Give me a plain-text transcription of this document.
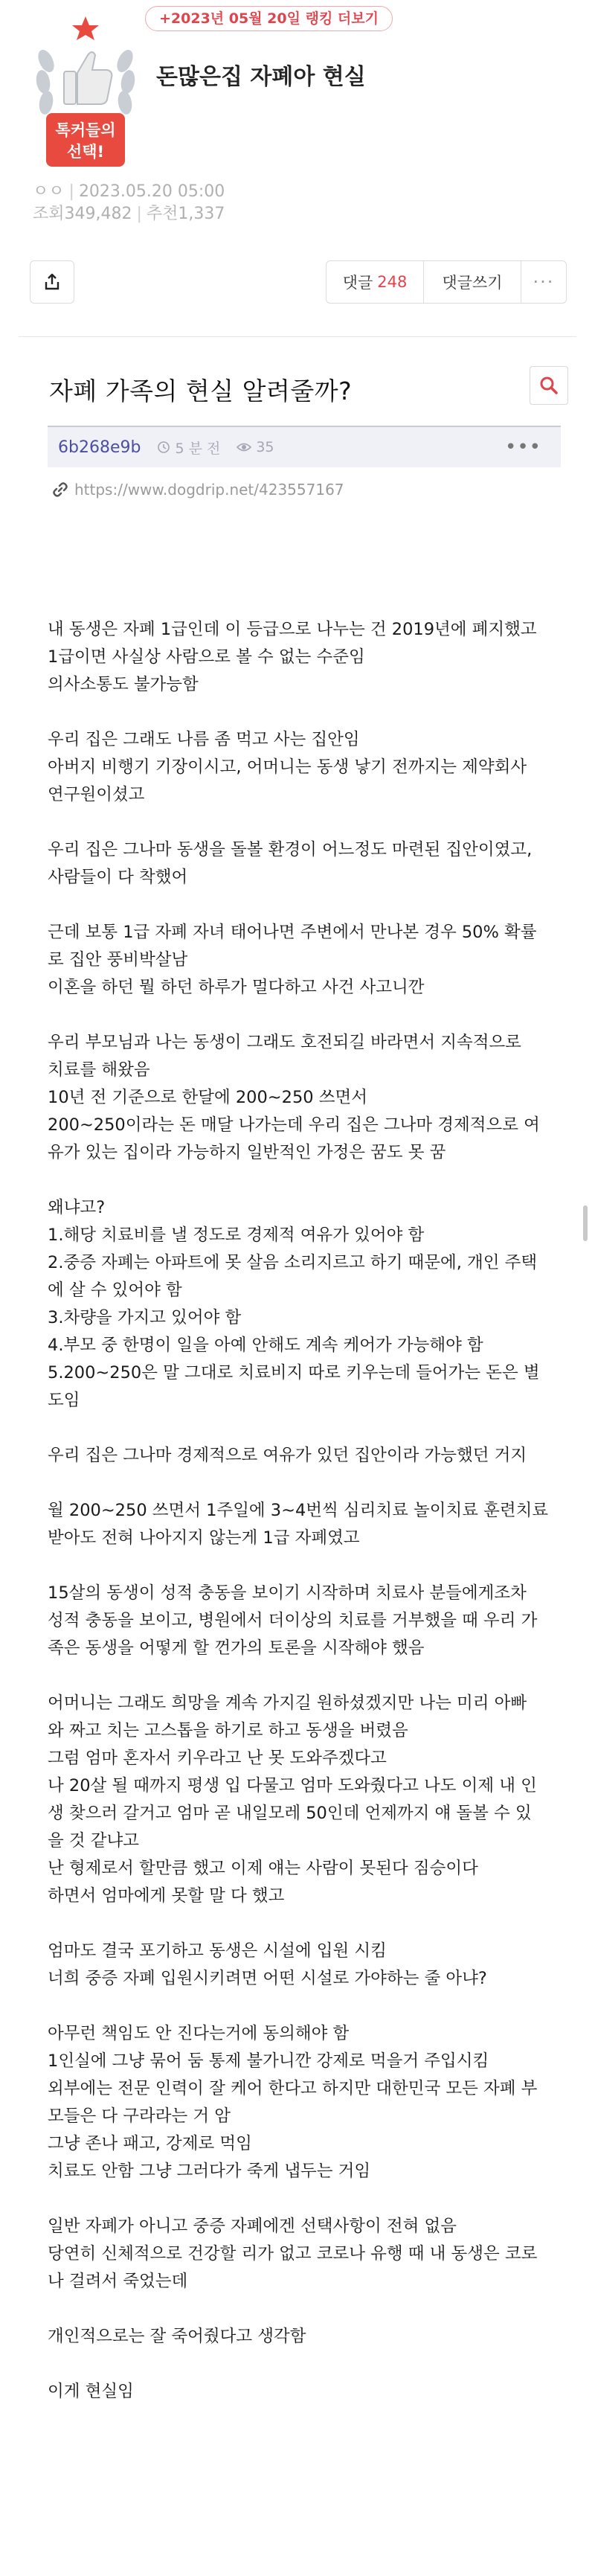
+2023년 05월 20일 랭킹 더보기
톡커들의
선택!
돈많은집 자폐아 현실
ㅇㅇ | 2023.05.20 05:00
조회349,482 | 추천1,337
댓글 248	댓글쓰기	···
자폐 가족의 현실 알려줄까?
6b268e9b 5 분 전	35	•••
https://www.dogdrip.net/423557167
내 동생은 자폐 1급인데 이 등급으로 나누는 건 2019년에 폐지했고
1급이면 사실상 사람으로 볼 수 없는 수준임
의사소통도 불가능함
우리 집은 그래도 나름 좀 먹고 사는 집안임
아버지 비행기 기장이시고, 어머니는 동생 낳기 전까지는 제약회사
연구원이셨고
우리 집은 그나마 동생을 돌볼 환경이 어느정도 마련된 집안이였고,
사람들이 다 착했어
근데 보통 1급 자폐 자녀 태어나면 주변에서 만나본 경우 50% 확률
로 집안 풍비박살남
이혼을 하던 뭘 하던 하루가 멀다하고 사건 사고니깐
우리 부모님과 나는 동생이 그래도 호전되길 바라면서 지속적으로
치료를 해왔음
10년 전 기준으로 한달에 200~250 쓰면서
200~250이라는 돈 매달 나가는데 우리 집은 그나마 경제적으로 여
유가 있는 집이라 가능하지 일반적인 가정은 꿈도 못 꿈
왜냐고?
1.해당 치료비를 낼 정도로 경제적 여유가 있어야 함
2.중증 자폐는 아파트에 못 살음 소리지르고 하기 때문에, 개인 주택
에 살 수 있어야 함
3.차량을 가지고 있어야 함
4.부모 중 한명이 일을 아예 안해도 계속 케어가 가능해야 함
5.200~250은 말 그대로 치료비지 따로 키우는데 들어가는 돈은 별
도임
우리 집은 그나마 경제적으로 여유가 있던 집안이라 가능했던 거지
월 200~250 쓰면서 1주일에 3~4번씩 심리치료 놀이치료 훈련치료
받아도 전혀 나아지지 않는게 1급 자폐였고
15살의 동생이 성적 충동을 보이기 시작하며 치료사 분들에게조차
성적 충동을 보이고, 병원에서 더이상의 치료를 거부했을 때 우리 가
족은 동생을 어떻게 할 껀가의 토론을 시작해야 했음
어머니는 그래도 희망을 계속 가지길 원하셨겠지만 나는 미리 아빠
와 짜고 치는 고스톱을 하기로 하고 동생을 버렸음
그럼 엄마 혼자서 키우라고 난 못 도와주겠다고
나 20살 될 때까지 평생 입 다물고 엄마 도와줬다고 나도 이제 내 인
생 찾으러 갈거고 엄마 곧 내일모레 50인데 언제까지 얘 돌볼 수 있
을 것 같냐고
난 형제로서 할만큼 했고 이제 얘는 사람이 못된다 짐승이다
하면서 엄마에게 못할 말 다 했고
엄마도 결국 포기하고 동생은 시설에 입원 시킴
너희 중증 자폐 입원시키려면 어떤 시설로 가야하는 줄 아냐?
아무런 책임도 안 진다는거에 동의해야 함
1인실에 그냥 묶어 둠 통제 불가니깐 강제로 먹을거 주입시킴
외부에는 전문 인력이 잘 케어 한다고 하지만 대한민국 모든 자폐 부
모들은 다 구라라는 거 암
그냥 존나 패고, 강제로 먹임
치료도 안함 그냥 그러다가 죽게 냅두는 거임
일반 자폐가 아니고 중증 자폐에겐 선택사항이 전혀 없음
당연히 신체적으로 건강할 리가 없고 코로나 유행 때 내 동생은 코로
나 걸려서 죽었는데
개인적으로는 잘 죽어줬다고 생각함
이게 현실임
